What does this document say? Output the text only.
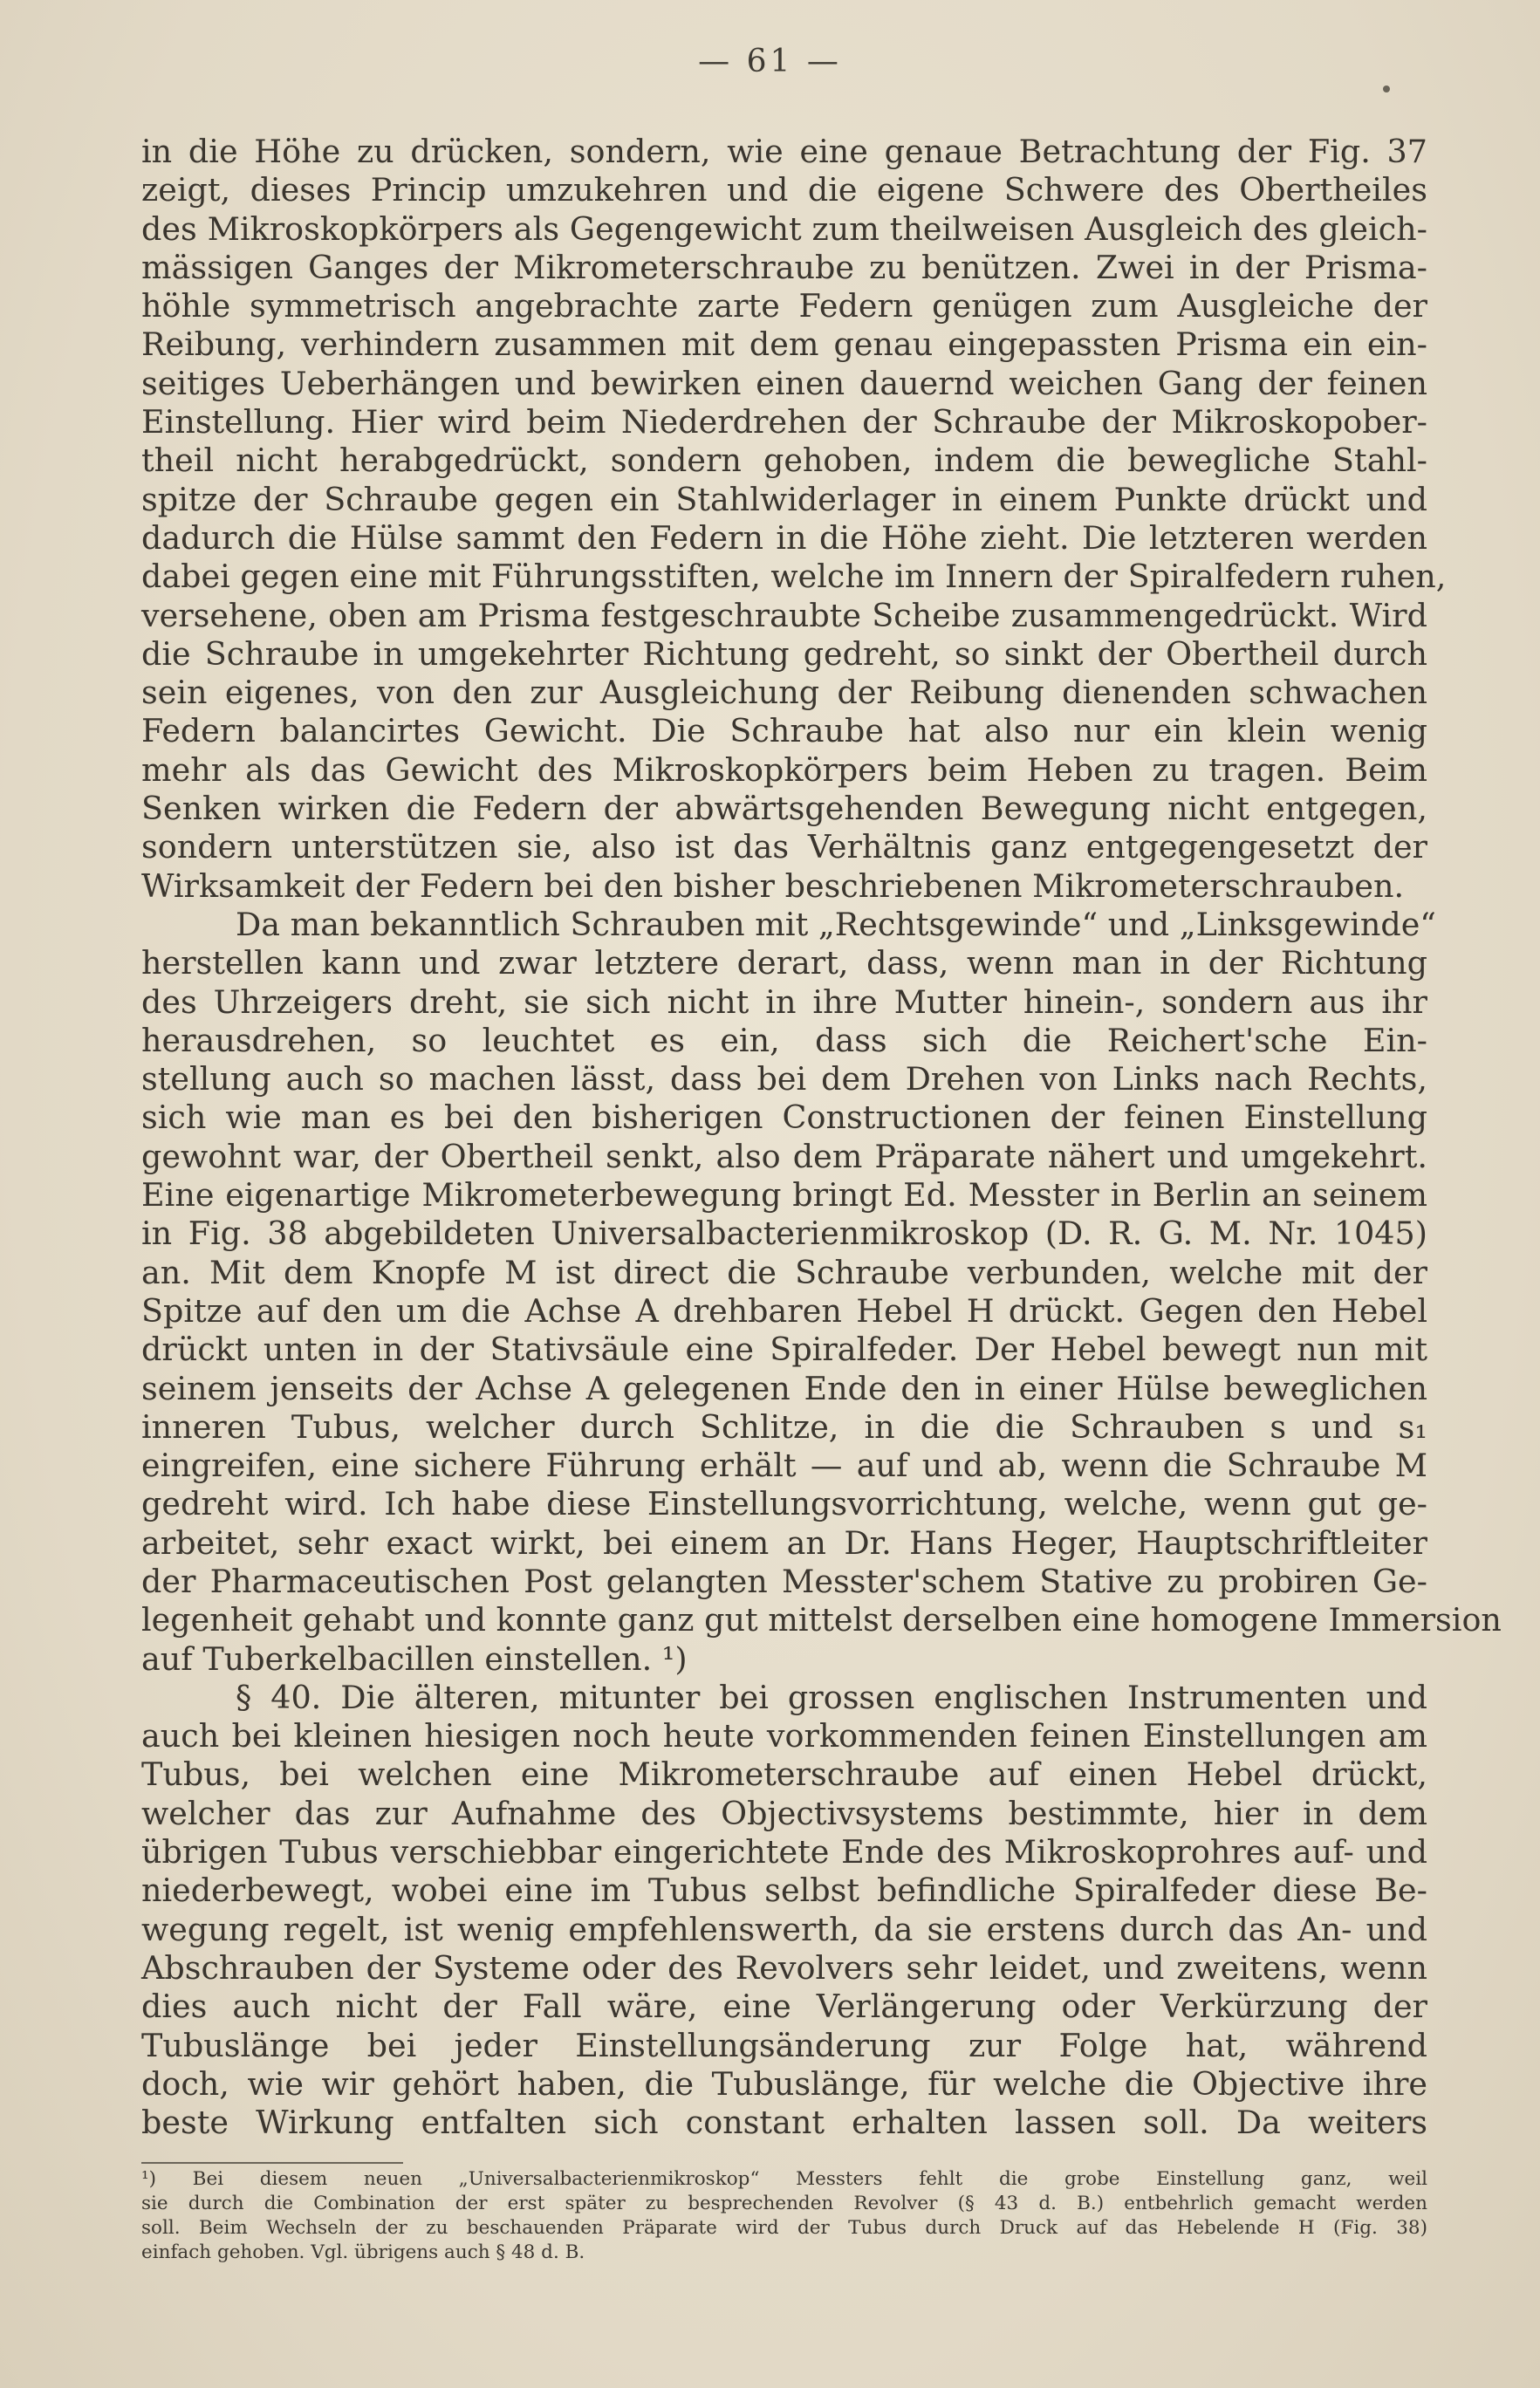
— 61 —
in die Höhe zu drücken, sondern, wie eine genaue Betrachtung der Fig. 37
zeigt, dieses Princip umzukehren und die eigene Schwere des Obertheiles
des Mikroskopkörpers als Gegengewicht zum theilweisen Ausgleich des gleich-
mässigen Ganges der Mikrometerschraube zu benützen. Zwei in der Prisma-
höhle symmetrisch angebrachte zarte Federn genügen zum Ausgleiche der
Reibung, verhindern zusammen mit dem genau eingepassten Prisma ein ein-
seitiges Ueberhängen und bewirken einen dauernd weichen Gang der feinen
Einstellung. Hier wird beim Niederdrehen der Schraube der Mikroskopober-
theil nicht herabgedrückt, sondern gehoben, indem die bewegliche Stahl-
spitze der Schraube gegen ein Stahlwiderlager in einem Punkte drückt und
dadurch die Hülse sammt den Federn in die Höhe zieht. Die letzteren werden
dabei gegen eine mit Führungsstiften, welche im Innern der Spiralfedern ruhen,
versehene, oben am Prisma festgeschraubte Scheibe zusammengedrückt. Wird
die Schraube in umgekehrter Richtung gedreht, so sinkt der Obertheil durch
sein eigenes, von den zur Ausgleichung der Reibung dienenden schwachen
Federn balancirtes Gewicht. Die Schraube hat also nur ein klein wenig
mehr als das Gewicht des Mikroskopkörpers beim Heben zu tragen. Beim
Senken wirken die Federn der abwärtsgehenden Bewegung nicht entgegen,
sondern unterstützen sie, also ist das Verhältnis ganz entgegengesetzt der
Wirksamkeit der Federn bei den bisher beschriebenen Mikrometerschrauben.
Da man bekanntlich Schrauben mit „Rechtsgewinde“ und „Linksgewinde“
herstellen kann und zwar letztere derart, dass, wenn man in der Richtung
des Uhrzeigers dreht, sie sich nicht in ihre Mutter hinein-, sondern aus ihr
herausdrehen, so leuchtet es ein, dass sich die Reichert'sche Ein-
stellung auch so machen lässt, dass bei dem Drehen von Links nach Rechts,
sich wie man es bei den bisherigen Constructionen der feinen Einstellung
gewohnt war, der Obertheil senkt, also dem Präparate nähert und umgekehrt.
Eine eigenartige Mikrometerbewegung bringt Ed. Messter in Berlin an seinem
in Fig. 38 abgebildeten Universalbacterienmikroskop (D. R. G. M. Nr. 1045)
an. Mit dem Knopfe M ist direct die Schraube verbunden, welche mit der
Spitze auf den um die Achse A drehbaren Hebel H drückt. Gegen den Hebel
drückt unten in der Stativsäule eine Spiralfeder. Der Hebel bewegt nun mit
seinem jenseits der Achse A gelegenen Ende den in einer Hülse beweglichen
inneren Tubus, welcher durch Schlitze, in die die Schrauben s und s₁
eingreifen, eine sichere Führung erhält — auf und ab, wenn die Schraube M
gedreht wird. Ich habe diese Einstellungsvorrichtung, welche, wenn gut ge-
arbeitet, sehr exact wirkt, bei einem an Dr. Hans Heger, Hauptschriftleiter
der Pharmaceutischen Post gelangten Messter'schem Stative zu probiren Ge-
legenheit gehabt und konnte ganz gut mittelst derselben eine homogene Immersion
auf Tuberkelbacillen einstellen. ¹)
§ 40. Die älteren, mitunter bei grossen englischen Instrumenten und
auch bei kleinen hiesigen noch heute vorkommenden feinen Einstellungen am
Tubus, bei welchen eine Mikrometerschraube auf einen Hebel drückt,
welcher das zur Aufnahme des Objectivsystems bestimmte, hier in dem
übrigen Tubus verschiebbar eingerichtete Ende des Mikroskoprohres auf- und
niederbewegt, wobei eine im Tubus selbst befindliche Spiralfeder diese Be-
wegung regelt, ist wenig empfehlenswerth, da sie erstens durch das An- und
Abschrauben der Systeme oder des Revolvers sehr leidet, und zweitens, wenn
dies auch nicht der Fall wäre, eine Verlängerung oder Verkürzung der
Tubuslänge bei jeder Einstellungsänderung zur Folge hat, während
doch, wie wir gehört haben, die Tubuslänge, für welche die Objective ihre
beste Wirkung entfalten sich constant erhalten lassen soll. Da weiters
¹) Bei diesem neuen „Universalbacterienmikroskop“ Messters fehlt die grobe Einstellung ganz, weil
sie durch die Combination der erst später zu besprechenden Revolver (§ 43 d. B.) entbehrlich gemacht werden
soll. Beim Wechseln der zu beschauenden Präparate wird der Tubus durch Druck auf das Hebelende H (Fig. 38)
einfach gehoben. Vgl. übrigens auch § 48 d. B.
